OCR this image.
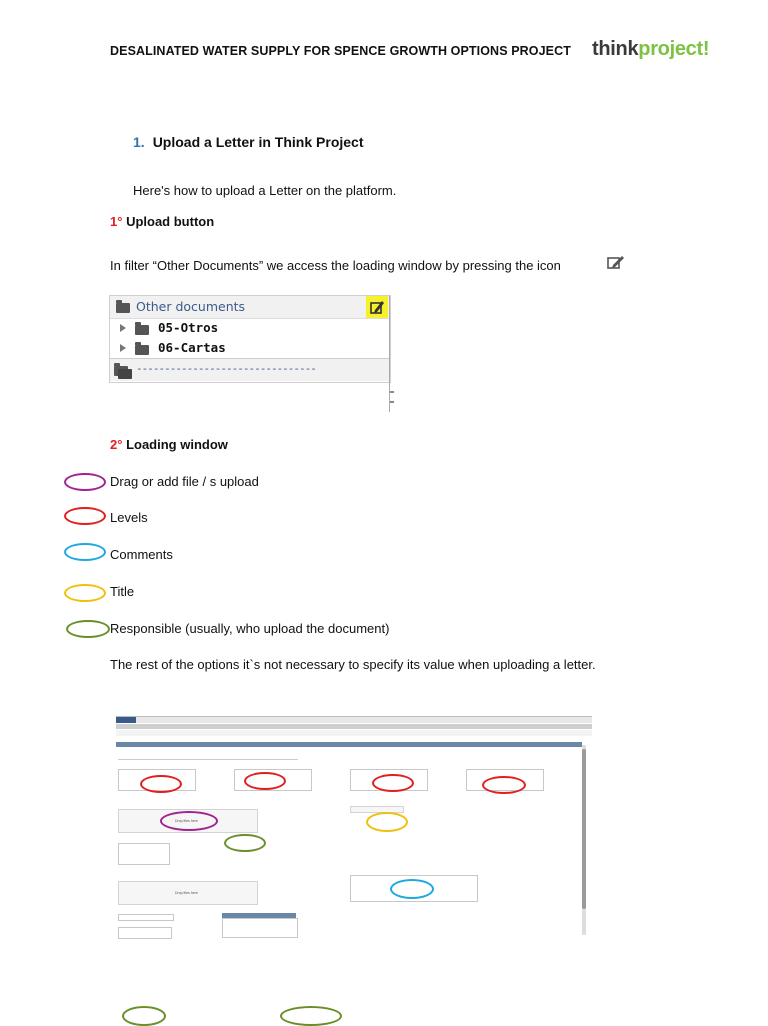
DESALINATED WATER SUPPLY FOR SPENCE GROWTH OPTIONS PROJECT thinkproject!
1. Upload a Letter in Think Project
Here's how to upload a Letter on the platform.
1° Upload button
In filter “Other Documents” we access the loading window by pressing the icon
Other documents
05-Otros
06-Cartas
--------------------------------
2° Loading window
Drag or add file / s upload
Levels
Comments
Title
Responsible (usually, who upload the document)
The rest of the options it`s not necessary to specify its value when uploading a letter.
Drop files here
Drop files here
